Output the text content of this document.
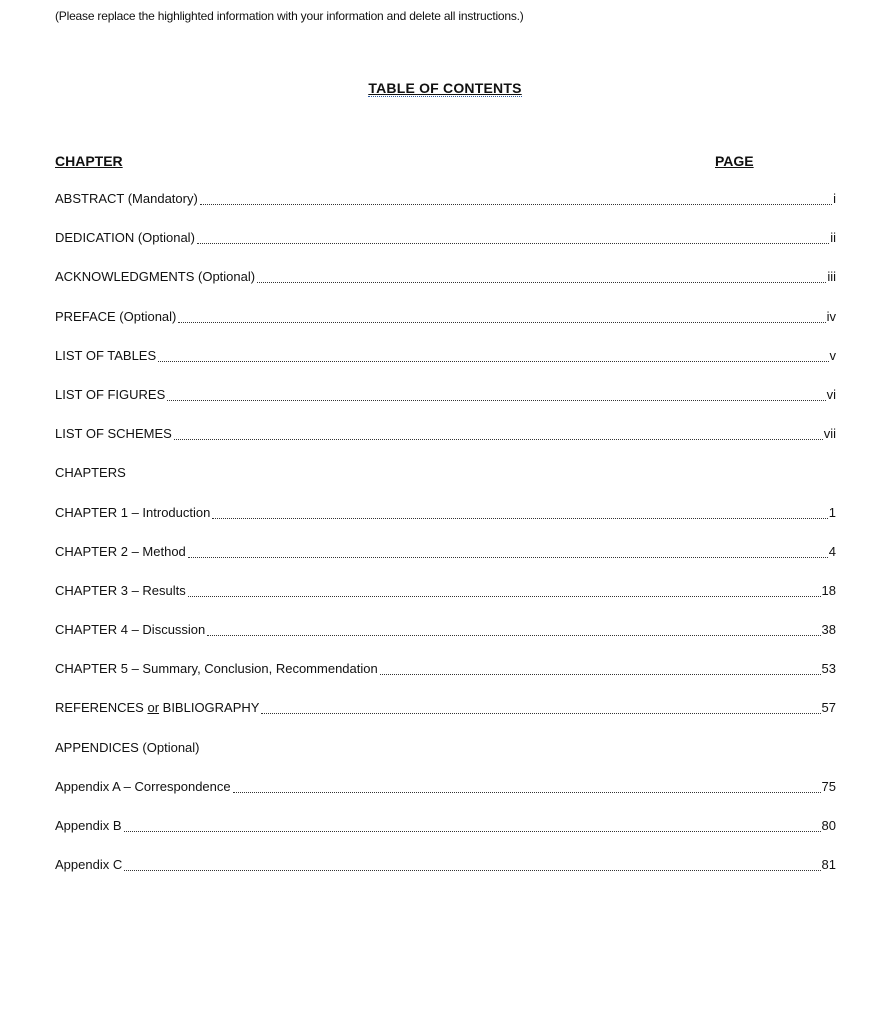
(Please replace the highlighted information with your information and delete all instructions.)
TABLE OF CONTENTS
CHAPTER	PAGE
ABSTRACT (Mandatory)	i
DEDICATION (Optional)	ii
ACKNOWLEDGMENTS (Optional)	iii
PREFACE (Optional)	iv
LIST OF TABLES	v
LIST OF FIGURES	vi
LIST OF SCHEMES	vii
CHAPTERS
CHAPTER 1 – Introduction	1
CHAPTER 2 – Method	4
CHAPTER 3 – Results	18
CHAPTER 4 – Discussion	38
CHAPTER 5 – Summary, Conclusion, Recommendation	53
REFERENCES or BIBLIOGRAPHY	57
APPENDICES (Optional)
Appendix A – Correspondence	75
Appendix B	80
Appendix C	81
